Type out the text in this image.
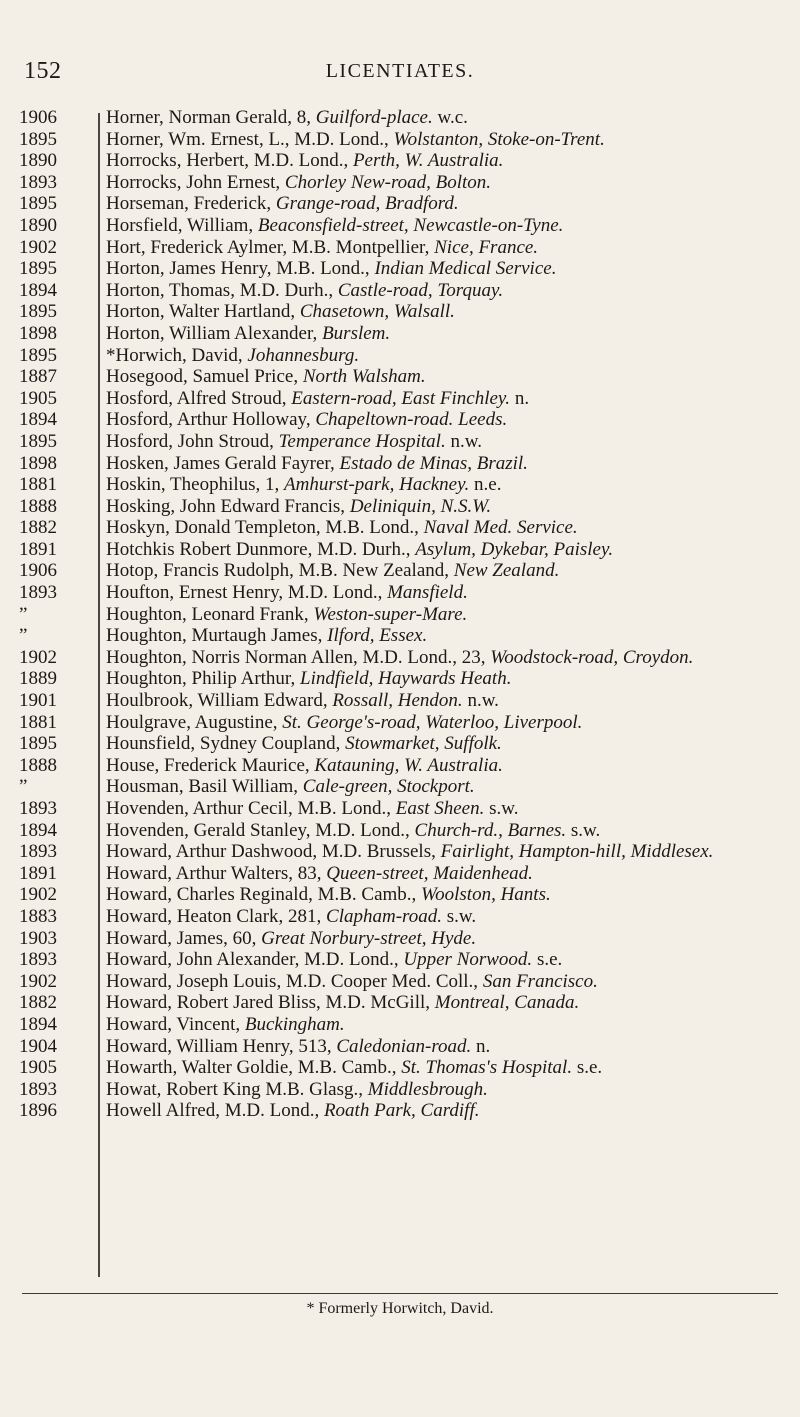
152	LICENTIATES.
1906	Horner, Norman Gerald, 8, Guilford-place. w.c.
1895	Horner, Wm. Ernest, L., M.D. Lond., Wolstanton, Stoke-on-Trent.
1890	Horrocks, Herbert, M.D. Lond., Perth, W. Australia.
1893	Horrocks, John Ernest, Chorley New-road, Bolton.
1895	Horseman, Frederick, Grange-road, Bradford.
1890	Horsfield, William, Beaconsfield-street, Newcastle-on-Tyne.
1902	Hort, Frederick Aylmer, M.B. Montpellier, Nice, France.
1895	Horton, James Henry, M.B. Lond., Indian Medical Service.
1894	Horton, Thomas, M.D. Durh., Castle-road, Torquay.
1895	Horton, Walter Hartland, Chasetown, Walsall.
1898	Horton, William Alexander, Burslem.
1895	*Horwich, David, Johannesburg.
1887	Hosegood, Samuel Price, North Walsham.
1905	Hosford, Alfred Stroud, Eastern-road, East Finchley. n.
1894	Hosford, Arthur Holloway, Chapeltown-road. Leeds.
1895	Hosford, John Stroud, Temperance Hospital. n.w.
1898	Hosken, James Gerald Fayrer, Estado de Minas, Brazil.
1881	Hoskin, Theophilus, 1, Amhurst-park, Hackney. n.e.
1888	Hosking, John Edward Francis, Deliniquin, N.S.W.
1882	Hoskyn, Donald Templeton, M.B. Lond., Naval Med. Service.
1891	Hotchkis Robert Dunmore, M.D. Durh., Asylum, Dykebar, Paisley.
1906	Hotop, Francis Rudolph, M.B. New Zealand, New Zealand.
1893	Houfton, Ernest Henry, M.D. Lond., Mansfield.
”	Houghton, Leonard Frank, Weston-super-Mare.
”	Houghton, Murtaugh James, Ilford, Essex.
1902	Houghton, Norris Norman Allen, M.D. Lond., 23, Woodstock-road, Croydon.
1889	Houghton, Philip Arthur, Lindfield, Haywards Heath.
1901	Houlbrook, William Edward, Rossall, Hendon. n.w.
1881	Houlgrave, Augustine, St. George's-road, Waterloo, Liverpool.
1895	Hounsfield, Sydney Coupland, Stowmarket, Suffolk.
1888	House, Frederick Maurice, Katauning, W. Australia.
”	Housman, Basil William, Cale-green, Stockport.
1893	Hovenden, Arthur Cecil, M.B. Lond., East Sheen. s.w.
1894	Hovenden, Gerald Stanley, M.D. Lond., Church-rd., Barnes. s.w.
1893	Howard, Arthur Dashwood, M.D. Brussels, Fairlight, Hampton-hill, Middlesex.
1891	Howard, Arthur Walters, 83, Queen-street, Maidenhead.
1902	Howard, Charles Reginald, M.B. Camb., Woolston, Hants.
1883	Howard, Heaton Clark, 281, Clapham-road. s.w.
1903	Howard, James, 60, Great Norbury-street, Hyde.
1893	Howard, John Alexander, M.D. Lond., Upper Norwood. s.e.
1902	Howard, Joseph Louis, M.D. Cooper Med. Coll., San Francisco.
1882	Howard, Robert Jared Bliss, M.D. McGill, Montreal, Canada.
1894	Howard, Vincent, Buckingham.
1904	Howard, William Henry, 513, Caledonian-road. n.
1905	Howarth, Walter Goldie, M.B. Camb., St. Thomas's Hospital. s.e.
1893	Howat, Robert King M.B. Glasg., Middlesbrough.
1896	Howell Alfred, M.D. Lond., Roath Park, Cardiff.
* Formerly Horwitch, David.
